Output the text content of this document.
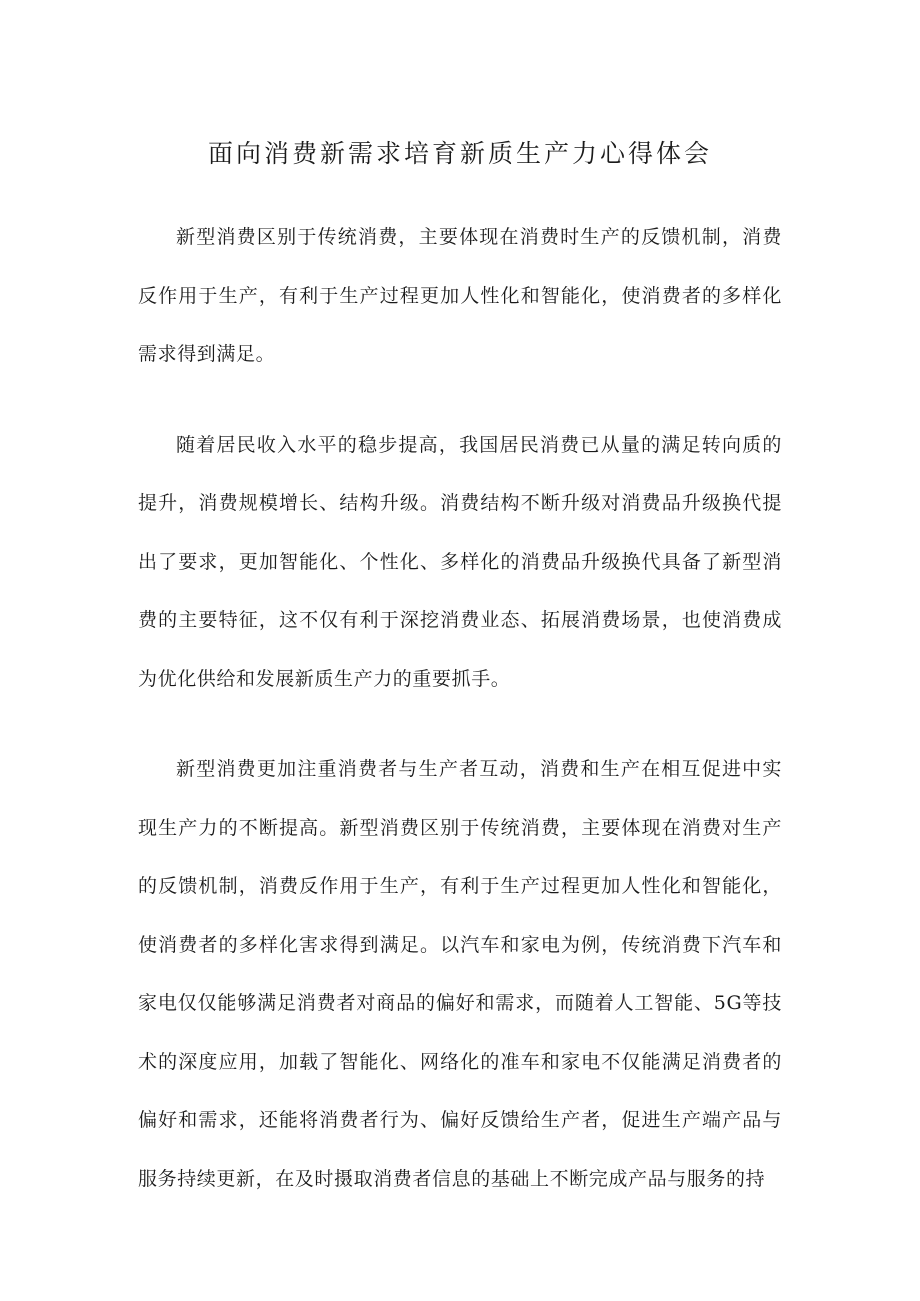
面向消费新需求培育新质生产力心得体会

新型消费区别于传统消费，主要体现在消费时生产的反馈机制，消费反作用于生产，有利于生产过程更加人性化和智能化，使消费者的多样化需求得到满足。

随着居民收入水平的稳步提高，我国居民消费已从量的满足转向质的提升，消费规模增长、结构升级。消费结构不断升级对消费品升级换代提出了要求，更加智能化、个性化、多样化的消费品升级换代具备了新型消费的主要特征，这不仅有利于深挖消费业态、拓展消费场景，也使消费成为优化供给和发展新质生产力的重要抓手。

新型消费更加注重消费者与生产者互动，消费和生产在相互促进中实现生产力的不断提高。新型消费区别于传统消费，主要体现在消费对生产的反馈机制，消费反作用于生产，有利于生产过程更加人性化和智能化，使消费者的多样化害求得到满足。以汽车和家电为例，传统消费下汽车和家电仅仅能够满足消费者对商品的偏好和需求，而随着人工智能、5G等技术的深度应用，加载了智能化、网络化的准车和家电不仅能满足消费者的偏好和需求，还能将消费者行为、偏好反馈给生产者，促进生产端产品与服务持续更新，在及时摄取消费者信息的基础上不断完成产品与服务的持
